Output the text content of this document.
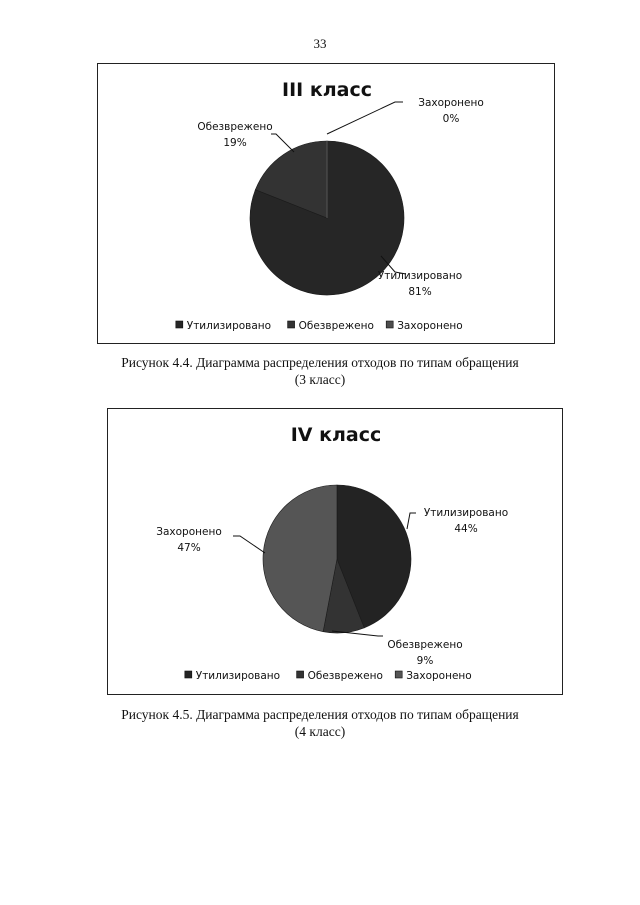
33
III класс
Утилизировано
81%
Обезврежено
19%
Захоронено
0%
Утилизировано	Обезврежено Захоронено
Рисунок 4.4. Диаграмма распределения отходов по типам обращения
(3 класс)
IV класс
Утилизировано
44%
Обезврежено
9%
Захоронено
47%
Утилизировано	Обезврежено Захоронено
Рисунок 4.5. Диаграмма распределения отходов по типам обращения
(4 класс)
